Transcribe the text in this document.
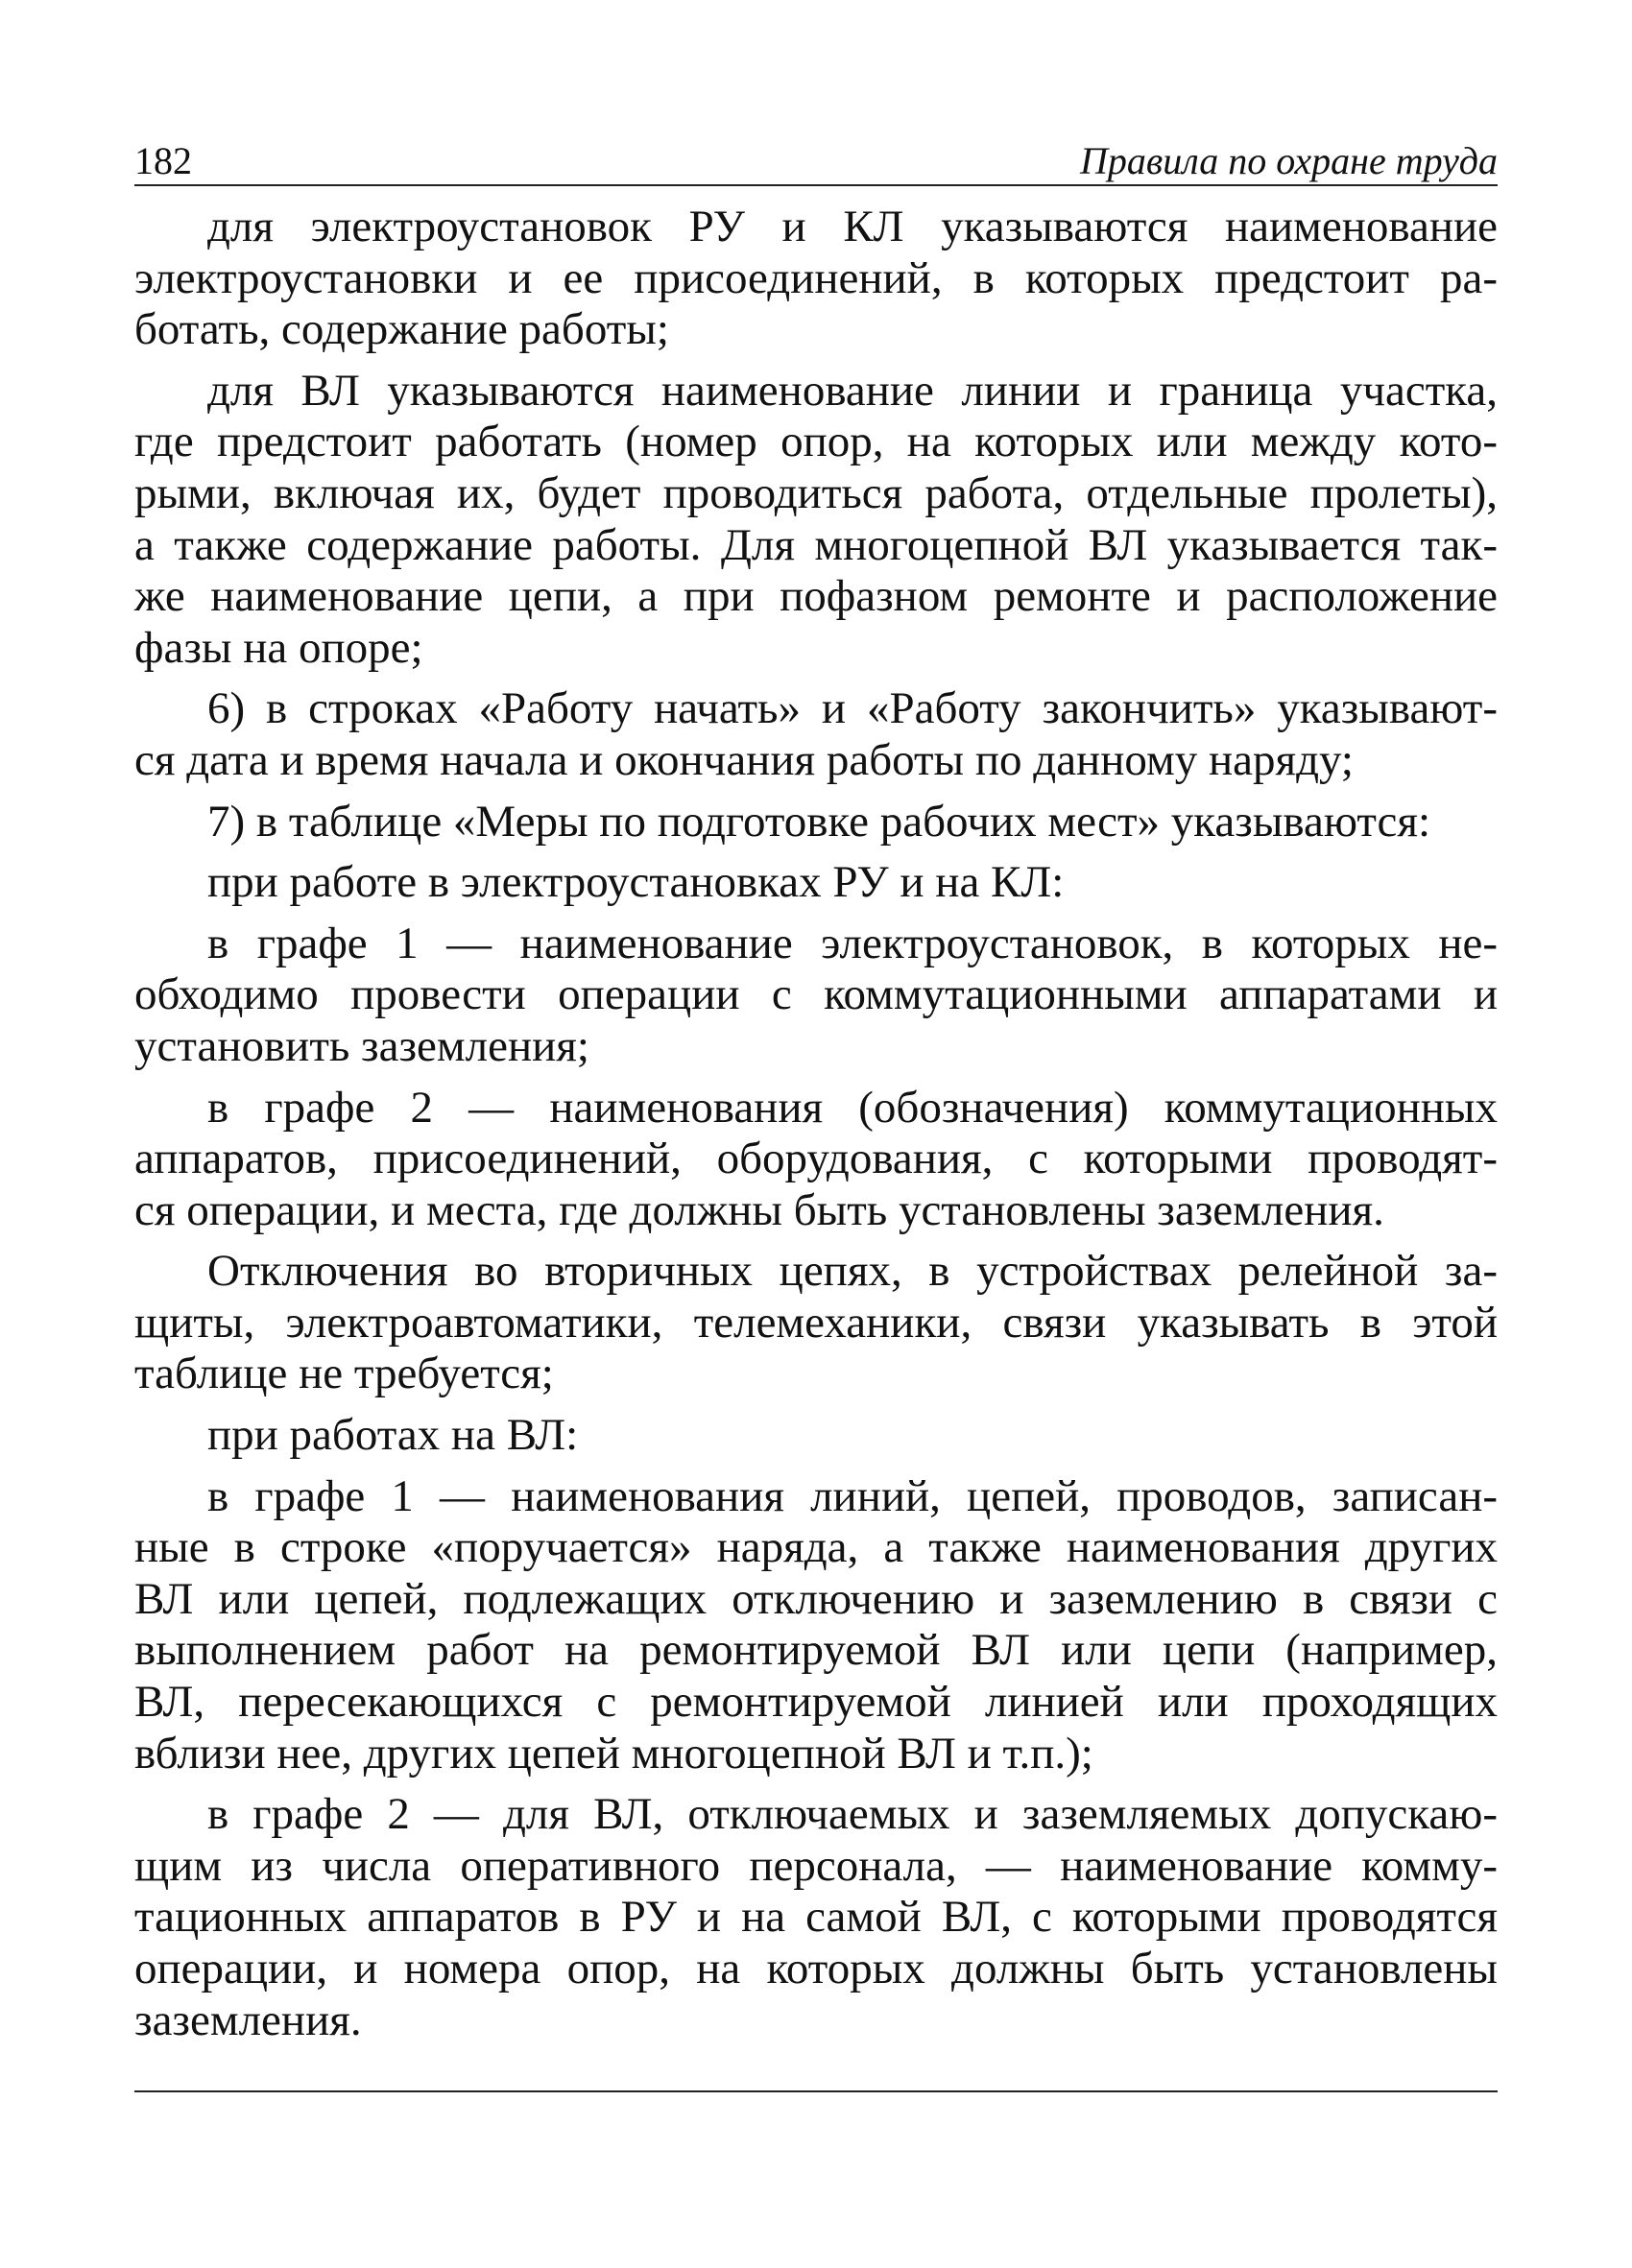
182	Правила по охране труда

для электроустановок РУ и КЛ указываются наименование
электроустановки и ее присоединений, в которых предстоит ра-
ботать, содержание работы;

для ВЛ указываются наименование линии и граница участка,
где предстоит работать (номер опор, на которых или между кото-
рыми, включая их, будет проводиться работа, отдельные пролеты),
а также содержание работы. Для многоцепной ВЛ указывается так-
же наименование цепи, а при пофазном ремонте и расположение
фазы на опоре;

6) в строках «Работу начать» и «Работу закончить» указывают-
ся дата и время начала и окончания работы по данному наряду;

7) в таблице «Меры по подготовке рабочих мест» указываются:

при работе в электроустановках РУ и на КЛ:

в графе 1 — наименование электроустановок, в которых не-
обходимо провести операции с коммутационными аппаратами и
установить заземления;

в графе 2 — наименования (обозначения) коммутационных
аппаратов, присоединений, оборудования, с которыми проводят-
ся операции, и места, где должны быть установлены заземления.

Отключения во вторичных цепях, в устройствах релейной за-
щиты, электроавтоматики, телемеханики, связи указывать в этой
таблице не требуется;

при работах на ВЛ:

в графе 1 — наименования линий, цепей, проводов, записан-
ные в строке «поручается» наряда, а также наименования других
ВЛ или цепей, подлежащих отключению и заземлению в связи с
выполнением работ на ремонтируемой ВЛ или цепи (например,
ВЛ, пересекающихся с ремонтируемой линией или проходящих
вблизи нее, других цепей многоцепной ВЛ и т.п.);

в графе 2 — для ВЛ, отключаемых и заземляемых допускаю-
щим из числа оперативного персонала, — наименование комму-
тационных аппаратов в РУ и на самой ВЛ, с которыми проводятся
операции, и номера опор, на которых должны быть установлены
заземления.
